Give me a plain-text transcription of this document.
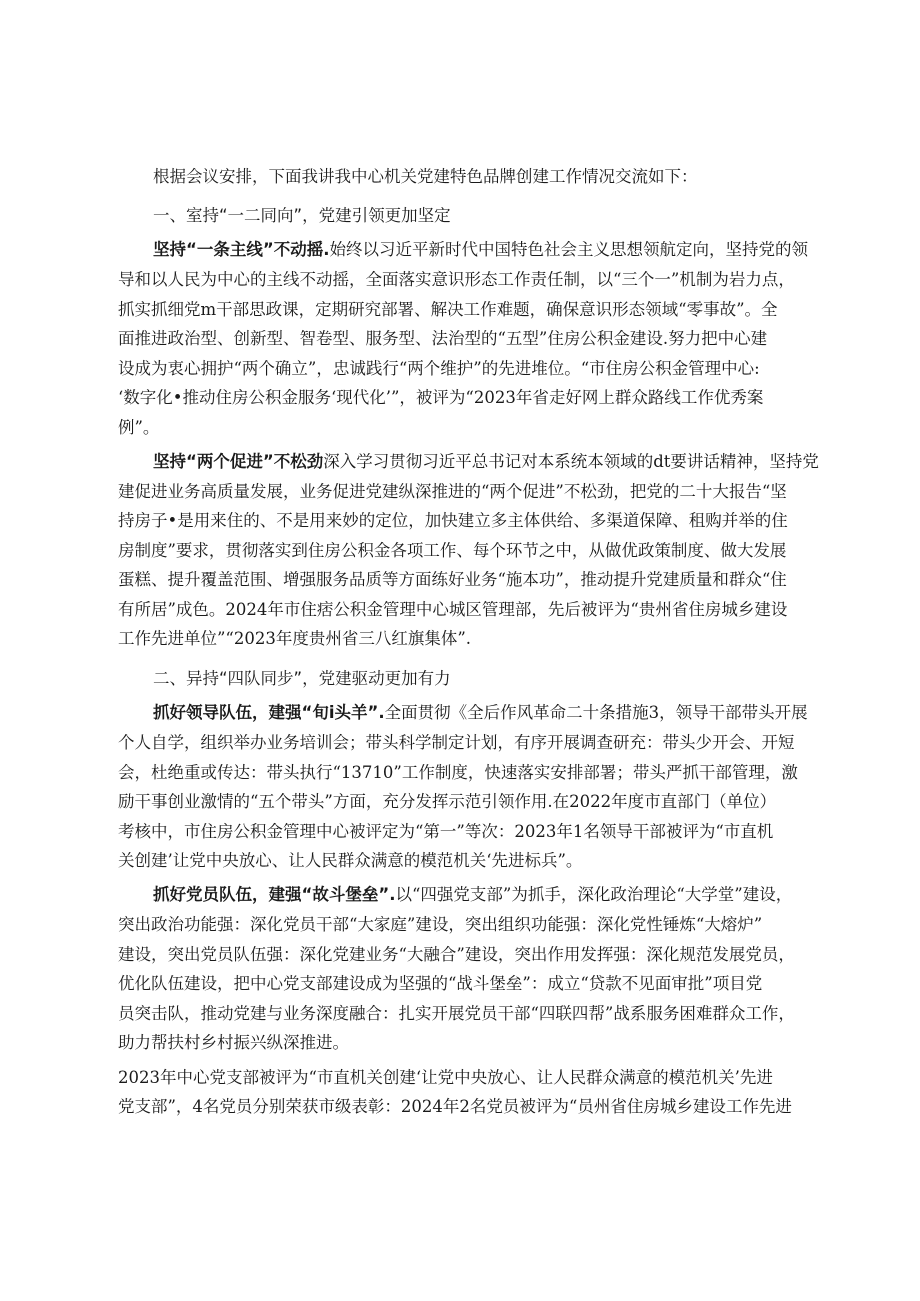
根据会议安排，下面我讲我中心机关党建特色品牌创建工作情况交流如下：
一、室持“一二同向”，党建引领更加坚定
坚持“一条主线”不动摇.始终以习近平新时代中国特色社会主义思想领航定向，坚持党的领
导和以人民为中心的主线不动摇，全面落实意识形态工作责任制，以“三个一”机制为岩力点，
抓实抓细党m干部思政课，定期研究部署、解决工作难题，确保意识形态领域“零事故”。全
面推进政治型、创新型、智卷型、服务型、法治型的“五型”住房公积金建设.努力把中心建
设成为衷心拥护“两个确立”，忠诚践行“两个维护”的先进堆位。“市住房公积金管理中心:
‘数字化•推动住房公积金服务‘现代化’”，被评为“2023年省走好网上群众路线工作优秀案
例”。
坚持“两个促进”不松劲深入学习贯彻习近平总书记对本系统本领域的dt要讲话精神，坚持党
建促进业务高质量发展，业务促进党建纵深推进的“两个促进”不松劲，把党的二十大报告“坚
持房子•是用来住的、不是用来妙的定位，加快建立多主体供给、多渠道保障、租购并举的住
房制度”要求，贯彻落实到住房公积金各项工作、每个环节之中，从做优政策制度、做大发展
蛋糕、提升覆盖范围、增强服务品质等方面练好业务“施本功”，推动提升党建质量和群众“住
有所居”成色。2024年市住痞公积金管理中心城区管理部，先后被评为“贵州省住房城乡建设
工作先进单位”“2023年度贵州省三八红旗集体”.
二、异持“四队同步”，党建驱动更加有力
抓好领导队伍，建强“旬i头羊”.全面贯彻《全后作风革命二十条措施3，领导干部带头开展
个人自学，组织举办业务培训会；带头科学制定计划，有序开展调查研充：带头少开会、开短
会，杜绝重或传达：带头执行“13710”工作制度，快速落实安排部署；带头严抓干部管理，激
励干事创业激情的“五个带头”方面，充分发挥示范引领作用.在2022年度市直部门（单位）
考核中，市住房公积金管理中心被评定为“第一”等次：2023年1名领导干部被评为“市直机
关创建’让党中央放心、让人民群众满意的模范机关‘先进标兵”。
抓好党员队伍，建强“故斗堡垒”.以“四强党支部”为抓手，深化政治理论“大学堂”建设，
突出政治功能强：深化党员干部“大家庭”建设，突出组织功能强：深化党性锤炼“大熔炉”
建设，突出党员队伍强：深化党建业务“大融合”建设，突出作用发挥强：深化规范发展党员，
优化队伍建设，把中心党支部建设成为坚强的“战斗堡垒”：成立“贷款不见面审批”项目党
员突击队，推动党建与业务深度融合：扎实开展党员干部“四联四帮”战系服务困难群众工作，
助力帮扶村乡村振兴纵深推进。
2023年中心党支部被评为“市直机关创建‘让党中央放心、让人民群众满意的模范机关’先进
党支部”，4名党员分别荣获市级表彰：2024年2名党员被评为“员州省住房城乡建设工作先进
